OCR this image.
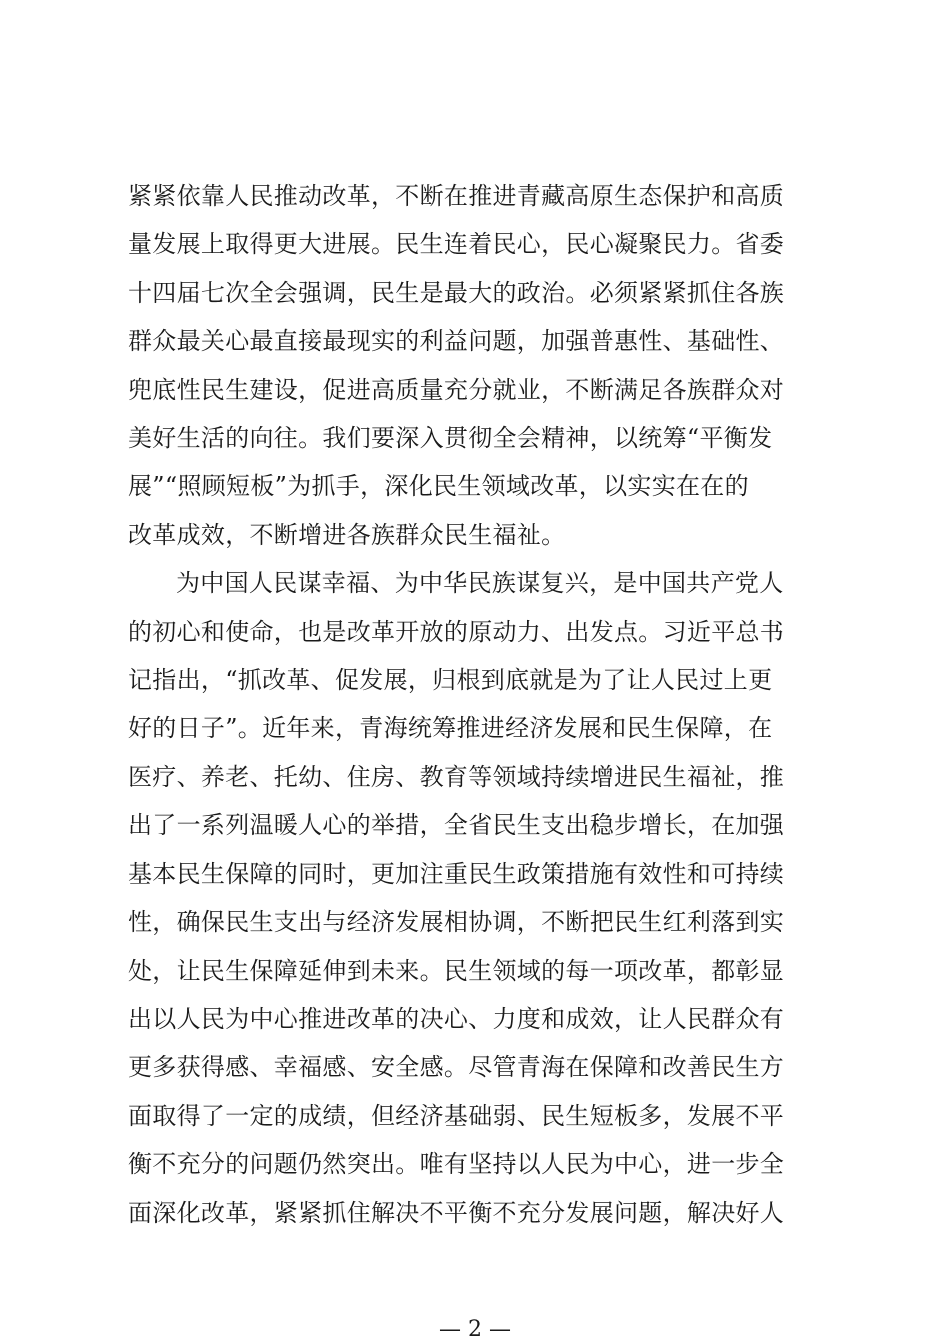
紧紧依靠人民推动改革，不断在推进青藏高原生态保护和高质
量发展上取得更大进展。民生连着民心，民心凝聚民力。省委
十四届七次全会强调，民生是最大的政治。必须紧紧抓住各族
群众最关心最直接最现实的利益问题，加强普惠性、基础性、
兜底性民生建设，促进高质量充分就业，不断满足各族群众对
美好生活的向往。我们要深入贯彻全会精神，以统筹“平衡发
展”“照顾短板”为抓手，深化民生领域改革，以实实在在的
改革成效，不断增进各族群众民生福祉。

为中国人民谋幸福、为中华民族谋复兴，是中国共产党人
的初心和使命，也是改革开放的原动力、出发点。习近平总书
记指出，“抓改革、促发展，归根到底就是为了让人民过上更
好的日子”。近年来，青海统筹推进经济发展和民生保障，在
医疗、养老、托幼、住房、教育等领域持续增进民生福祉，推
出了一系列温暖人心的举措，全省民生支出稳步增长，在加强
基本民生保障的同时，更加注重民生政策措施有效性和可持续
性，确保民生支出与经济发展相协调，不断把民生红利落到实
处，让民生保障延伸到未来。民生领域的每一项改革，都彰显
出以人民为中心推进改革的决心、力度和成效，让人民群众有
更多获得感、幸福感、安全感。尽管青海在保障和改善民生方
面取得了一定的成绩，但经济基础弱、民生短板多，发展不平
衡不充分的问题仍然突出。唯有坚持以人民为中心，进一步全
面深化改革，紧紧抓住解决不平衡不充分发展问题，解决好人

— 2 —
